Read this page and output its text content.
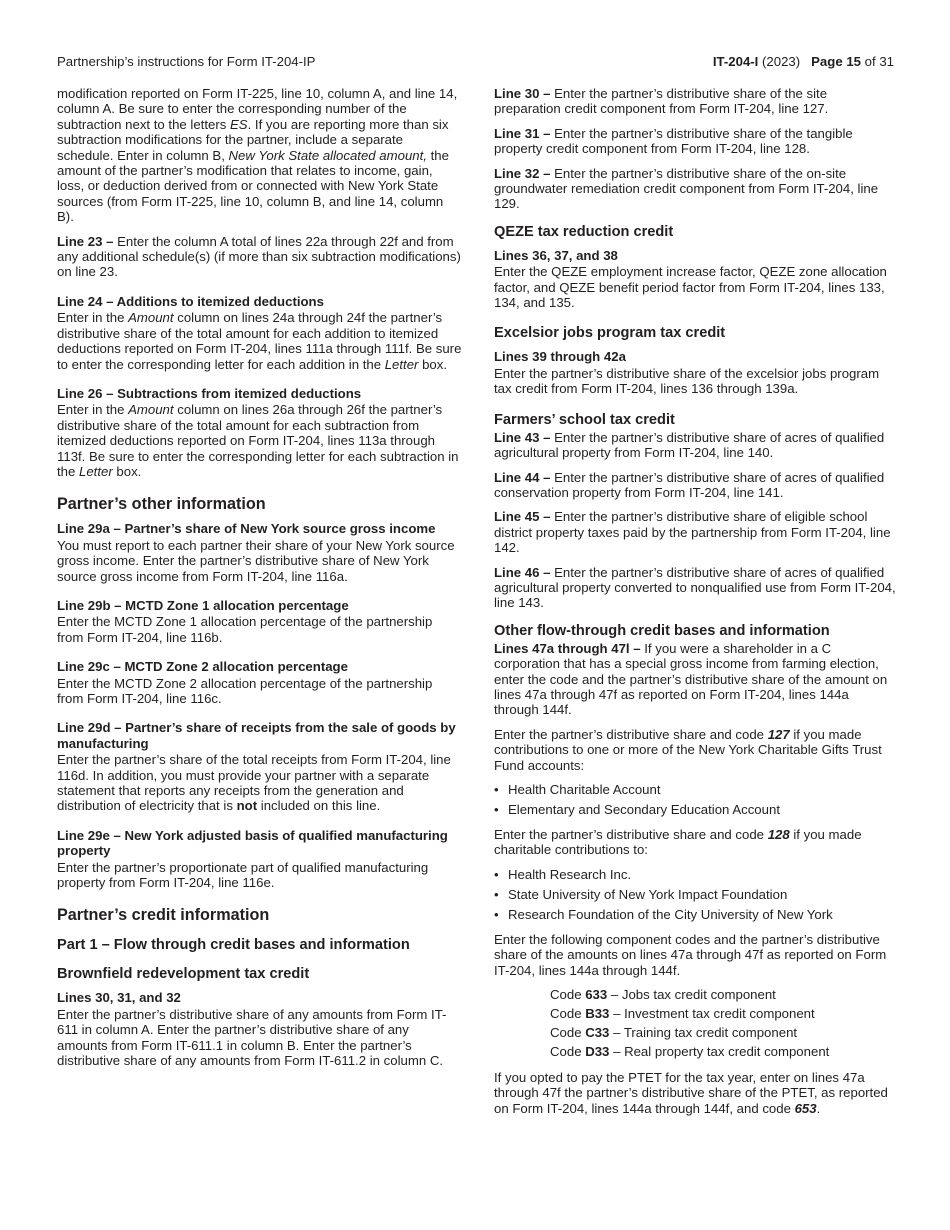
Partnership’s instructions for Form IT-204-IP	IT-204-I (2023) Page 15 of 31

modification reported on Form IT-225, line 10, column A, and line 14, column A. Be sure to enter the corresponding number of the subtraction next to the letters ES. If you are reporting more than six subtraction modifications for the partner, include a separate schedule. Enter in column B, New York State allocated amount, the amount of the partner’s modification that relates to income, gain, loss, or deduction derived from or connected with New York State sources (from Form IT-225, line 10, column B, and line 14, column B).

Line 23 – Enter the column A total of lines 22a through 22f and from any additional schedule(s) (if more than six subtraction modifications) on line 23.

Line 24 – Additions to itemized deductions
Enter in the Amount column on lines 24a through 24f the partner’s distributive share of the total amount for each addition to itemized deductions reported on Form IT-204, lines 111a through 111f. Be sure to enter the corresponding letter for each addition in the Letter box.
Line 26 – Subtractions from itemized deductions
Enter in the Amount column on lines 26a through 26f the partner’s distributive share of the total amount for each subtraction from itemized deductions reported on Form IT-204, lines 113a through 113f. Be sure to enter the corresponding letter for each subtraction in the Letter box.
Partner’s other information
Line 29a – Partner’s share of New York source gross income
You must report to each partner their share of your New York source gross income. Enter the partner’s distributive share of New York source gross income from Form IT-204, line 116a.
Line 29b – MCTD Zone 1 allocation percentage
Enter the MCTD Zone 1 allocation percentage of the partnership from Form IT-204, line 116b.
Line 29c – MCTD Zone 2 allocation percentage
Enter the MCTD Zone 2 allocation percentage of the partnership from Form IT-204, line 116c.
Line 29d – Partner’s share of receipts from the sale of goods by manufacturing
Enter the partner’s share of the total receipts from Form IT-204, line 116d. In addition, you must provide your partner with a separate statement that reports any receipts from the generation and distribution of electricity that is not included on this line.
Line 29e – New York adjusted basis of qualified manufacturing property
Enter the partner’s proportionate part of qualified manufacturing property from Form IT-204, line 116e.
Partner’s credit information
Part 1 – Flow through credit bases and information
Brownfield redevelopment tax credit
Lines 30, 31, and 32
Enter the partner’s distributive share of any amounts from Form IT-611 in column A. Enter the partner’s distributive share of any amounts from Form IT-611.1 in column B. Enter the partner’s distributive share of any amounts from Form IT-611.2 in column C.

Line 30 – Enter the partner’s distributive share of the site preparation credit component from Form IT-204, line 127.

Line 31 – Enter the partner’s distributive share of the tangible property credit component from Form IT-204, line 128.

Line 32 – Enter the partner’s distributive share of the on-site groundwater remediation credit component from Form IT-204, line 129.

QEZE tax reduction credit
Lines 36, 37, and 38
Enter the QEZE employment increase factor, QEZE zone allocation factor, and QEZE benefit period factor from Form IT-204, lines 133, 134, and 135.
Excelsior jobs program tax credit
Lines 39 through 42a
Enter the partner’s distributive share of the excelsior jobs program tax credit from Form IT-204, lines 136 through 139a.
Farmers’ school tax credit

Line 43 – Enter the partner’s distributive share of acres of qualified agricultural property from Form IT-204, line 140.

Line 44 – Enter the partner’s distributive share of acres of qualified conservation property from Form IT-204, line 141.

Line 45 – Enter the partner’s distributive share of eligible school district property taxes paid by the partnership from Form IT-204, line 142.

Line 46 – Enter the partner’s distributive share of acres of qualified agricultural property converted to nonqualified use from Form IT-204, line 143.

Other flow-through credit bases and information

Lines 47a through 47l – If you were a shareholder in a C corporation that has a special gross income from farming election, enter the code and the partner’s distributive share of the amount on lines 47a through 47f as reported on Form IT-204, lines 144a through 144f.

Enter the partner’s distributive share and code 127 if you made contributions to one or more of the New York Charitable Gifts Trust Fund accounts:

• Health Charitable Account
• Elementary and Secondary Education Account

Enter the partner’s distributive share and code 128 if you made charitable contributions to:

• Health Research Inc.
• State University of New York Impact Foundation
• Research Foundation of the City University of New York

Enter the following component codes and the partner’s distributive share of the amounts on lines 47a through 47f as reported on Form IT-204, lines 144a through 144f.

Code 633 – Jobs tax credit component
Code B33 – Investment tax credit component
Code C33 – Training tax credit component
Code D33 – Real property tax credit component

If you opted to pay the PTET for the tax year, enter on lines 47a through 47f the partner’s distributive share of the PTET, as reported on Form IT-204, lines 144a through 144f, and code 653.
